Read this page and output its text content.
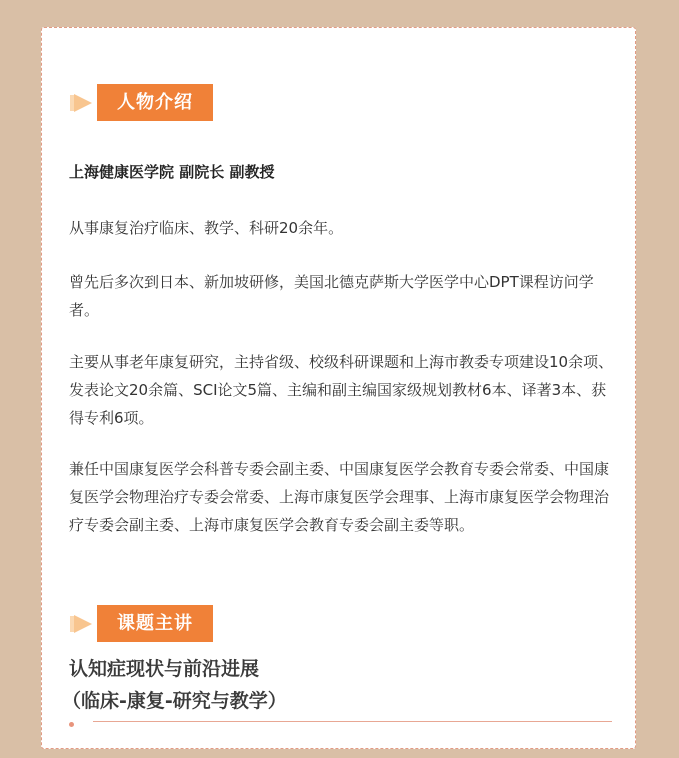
人物介绍

上海健康医学院 副院长 副教授

从事康复治疗临床、教学、科研20余年。

曾先后多次到日本、新加坡研修，美国北德克萨斯大学医学中心DPT课程访问学者。

主要从事老年康复研究，主持省级、校级科研课题和上海市教委专项建设10余项、发表论文20余篇、SCI论文5篇、主编和副主编国家级规划教材6本、译著3本、获得专利6项。

兼任中国康复医学会科普专委会副主委、中国康复医学会教育专委会常委、中国康复医学会物理治疗专委会常委、上海市康复医学会理事、上海市康复医学会物理治疗专委会副主委、上海市康复医学会教育专委会副主委等职。

课题主讲

认知症现状与前沿进展

（临床-康复-研究与教学）
